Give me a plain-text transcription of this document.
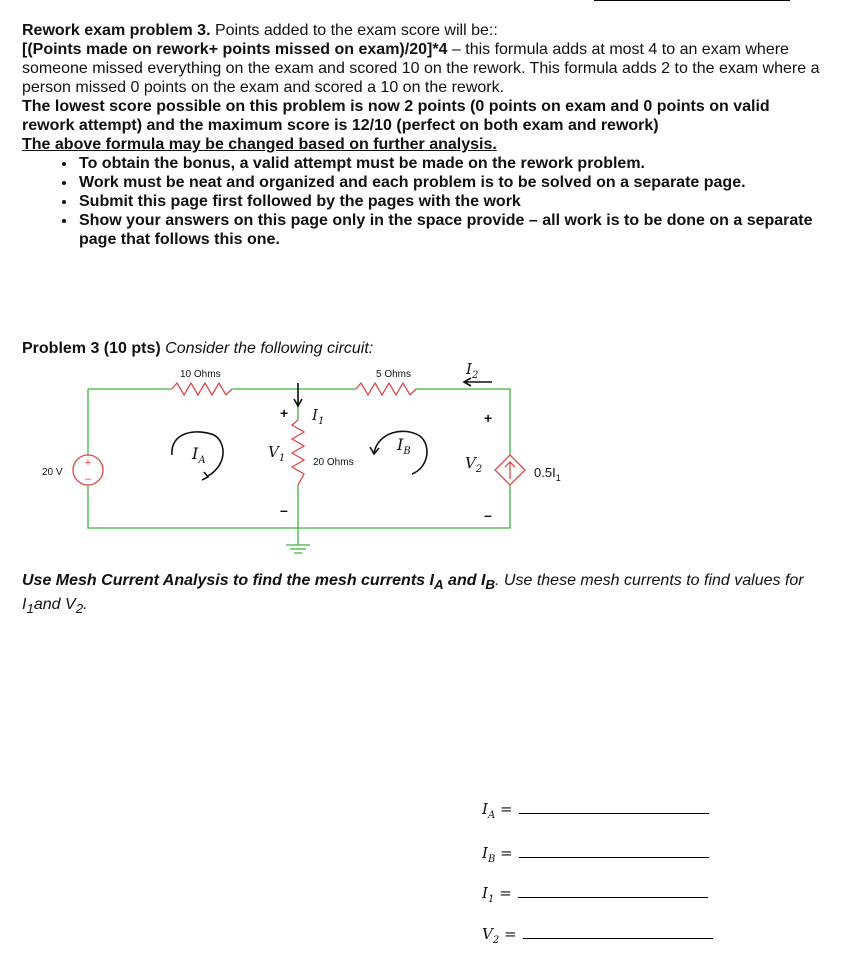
Rework exam problem 3. Points added to the exam score will be::
[(Points made on rework+ points missed on exam)/20]*4 – this formula adds at most 4 to an exam where someone missed everything on the exam and scored 10 on the rework. This formula adds 2 to the exam where a person missed 0 points on the exam and scored a 10 on the rework.
The lowest score possible on this problem is now 2 points (0 points on exam and 0 points on valid rework attempt) and the maximum score is 12/10 (perfect on both exam and rework)

The above formula may be changed based on further analysis.

• To obtain the bonus, a valid attempt must be made on the rework problem.
• Work must be neat and organized and each problem is to be solved on a separate page.
• Submit this page first followed by the pages with the work
• Show your answers on this page only in the space provide – all work is to be done on a separate page that follows this one.
Problem 3 (10 pts) Consider the following circuit:
+
–
10 Ohms	5 Ohms
20 Ohms
20 V
+
–
+
–
$I_1$
$I_2$
$V_1$	$V_2$
$I_A$
$I_B$
$0.5I_1$
Use Mesh Current Analysis to find the mesh currents $I_A$ and $I_B$. Use these mesh currents to find values for $I_1and$ $V_2$.
$I_A$ =
$I_B$ =
$I_1$ =
$V_2$ =
